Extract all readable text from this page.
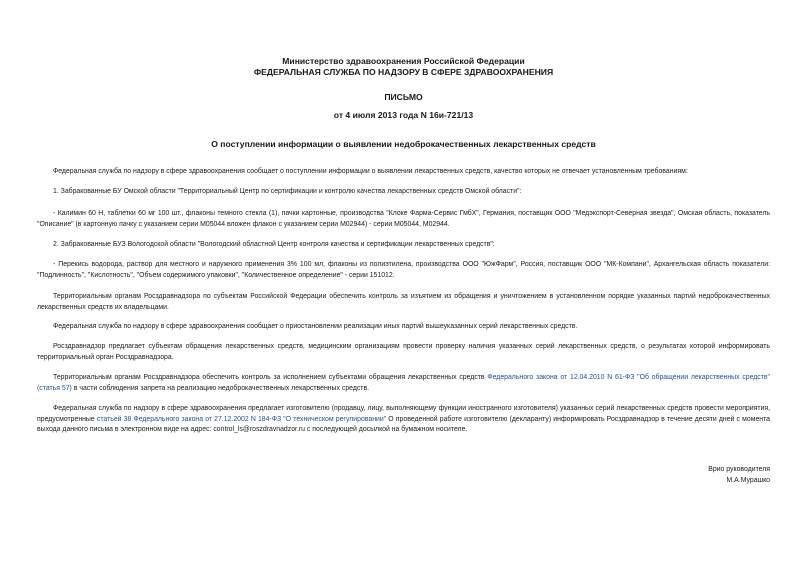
Министерство здравоохранения Российской Федерации
ФЕДЕРАЛЬНАЯ СЛУЖБА ПО НАДЗОРУ В СФЕРЕ ЗДРАВООХРАНЕНИЯ
ПИСЬМО
от 4 июля 2013 года N 16и-721/13
О поступлении информации о выявлении недоброкачественных лекарственных средств

Федеральная служба по надзору в сфере здравоохранения сообщает о поступлении информации о выявлении лекарственных средств, качество которых не отвечает установленным требованиям:

1. Забракованные БУ Омской области "Территориальный Центр по сертификации и контролю качества лекарственных средств Омской области":

- Калимин 60 Н, таблетки 60 мг 100 шт., флаконы темного стекла (1), пачки картонные, производства "Клоке Фарма-Сервис ГмбХ", Германия, поставщик ООО "Медэкспорт-Северная звезда", Омская область, показатель "Описание" (в картонную пачку с указанием серии М05044 вложен флакон с указанием серии М02944) - серии М05044, М02944.

2. Забракованные БУЗ Вологодской области "Вологодский областной Центр контроля качества и сертификации лекарственных средств":

- Перекись водорода, раствор для местного и наружного применения 3% 100 мл, флаконы из полиэтилена, производства ООО "ЮжФарм", Россия, поставщик ООО "МК-Компани", Архангельская область показатели: "Подлинность", "Кислотность", "Объем содержимого упаковки", "Количественное определение" - серии 151012.

Территориальным органам Росздравнадзора по субъектам Российской Федерации обеспечить контроль за изъятием из обращения и уничтожением в установленном порядке указанных партий недоброкачественных лекарственных средств их владельцами.

Федеральная служба по надзору в сфере здравоохранения сообщает о приостановлении реализации иных партий вышеуказанных серий лекарственных средств.

Росздравнадзор предлагает субъектам обращения лекарственных средств, медицинским организациям провести проверку наличия указанных серий лекарственных средств, о результатах которой информировать территориальный орган Росздравнадзора.

Территориальным органам Росздравнадзора обеспечить контроль за исполнением субъектами обращения лекарственных средств Федерального закона от 12.04.2010 N 61-ФЗ "Об обращении лекарственных средств" (статья 57) в части соблюдения запрета на реализацию недоброкачественных лекарственных средств.

Федеральная служба по надзору в сфере здравоохранения предлагает изготовителю (продавцу, лицу, выполняющему функции иностранного изготовителя) указанных серий лекарственных средств провести мероприятия, предусмотренные статьей 38 Федерального закона от 27.12.2002 N 184-ФЗ "О техническом регулировании" О проведенной работе изготовителю (декларанту) информировать Росздравнадзор в течение десяти дней с момента выхода данного письма в электронном виде на адрес: control_ls@roszdravnadzor.ru с последующей досылкой на бумажном носителе.

Врио руководителя
М.А.Мурашко
